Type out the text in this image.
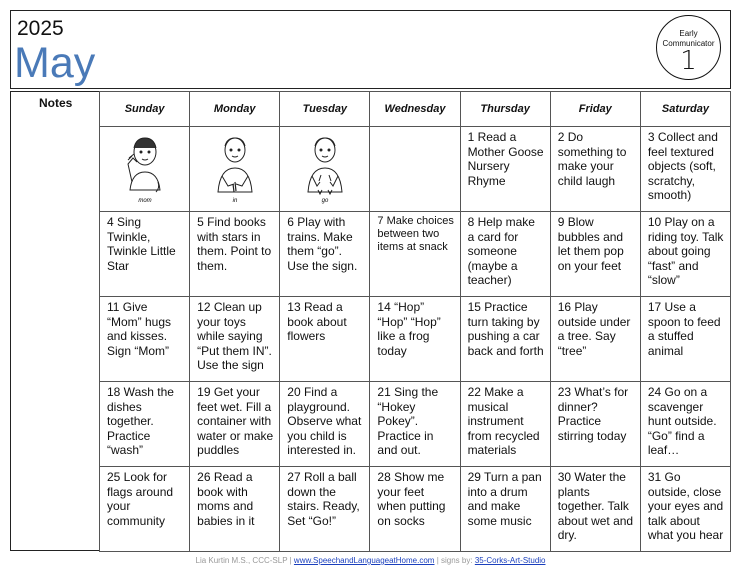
2025
May
Early
Communicator
1
Notes	Sunday	Monday	Tuesday	Wednesday	Thursday	Friday	Saturday

mom	in	go		1 Read a Mother Goose Nursery Rhyme	2 Do something to make your child laugh	3 Collect and feel textured objects (soft, scratchy, smooth)

4 Sing Twinkle, Twinkle Little Star	5 Find books with stars in them. Point to them.	6 Play with trains. Make them “go”. Use the sign.	7 Make choices between two items at snack	8 Help make a card for someone (maybe a teacher)	9 Blow bubbles and let them pop on your feet	10 Play on a riding toy. Talk about going “fast” and “slow”

11 Give “Mom” hugs and kisses. Sign “Mom”	12 Clean up your toys while saying “Put them IN”. Use the sign	13 Read a book about flowers	14 “Hop” “Hop” “Hop” like a frog today	15 Practice turn taking by pushing a car back and forth	16 Play outside under a tree. Say “tree”	17 Use a spoon to feed a stuffed animal

18 Wash the dishes together. Practice “wash”	19 Get your feet wet. Fill a container with water or make puddles	20 Find a playground. Observe what you child is interested in.	21 Sing the “Hokey Pokey”. Practice in and out.	22 Make a musical instrument from recycled materials	23 What’s for dinner? Practice stirring today	24 Go on a scavenger hunt outside. “Go” find a leaf…

25 Look for flags around your community	26 Read a book with moms and babies in it	27 Roll a ball down the stairs. Ready, Set “Go!”	28 Show me your feet when putting on socks	29 Turn a pan into a drum and make some music	30 Water the plants together. Talk about wet and dry.	31 Go outside, close your eyes and talk about what you hear
Lia Kurtin M.S., CCC-SLP | www.SpeechandLanguageatHome.com | signs by: 35-Corks-Art-Studio
